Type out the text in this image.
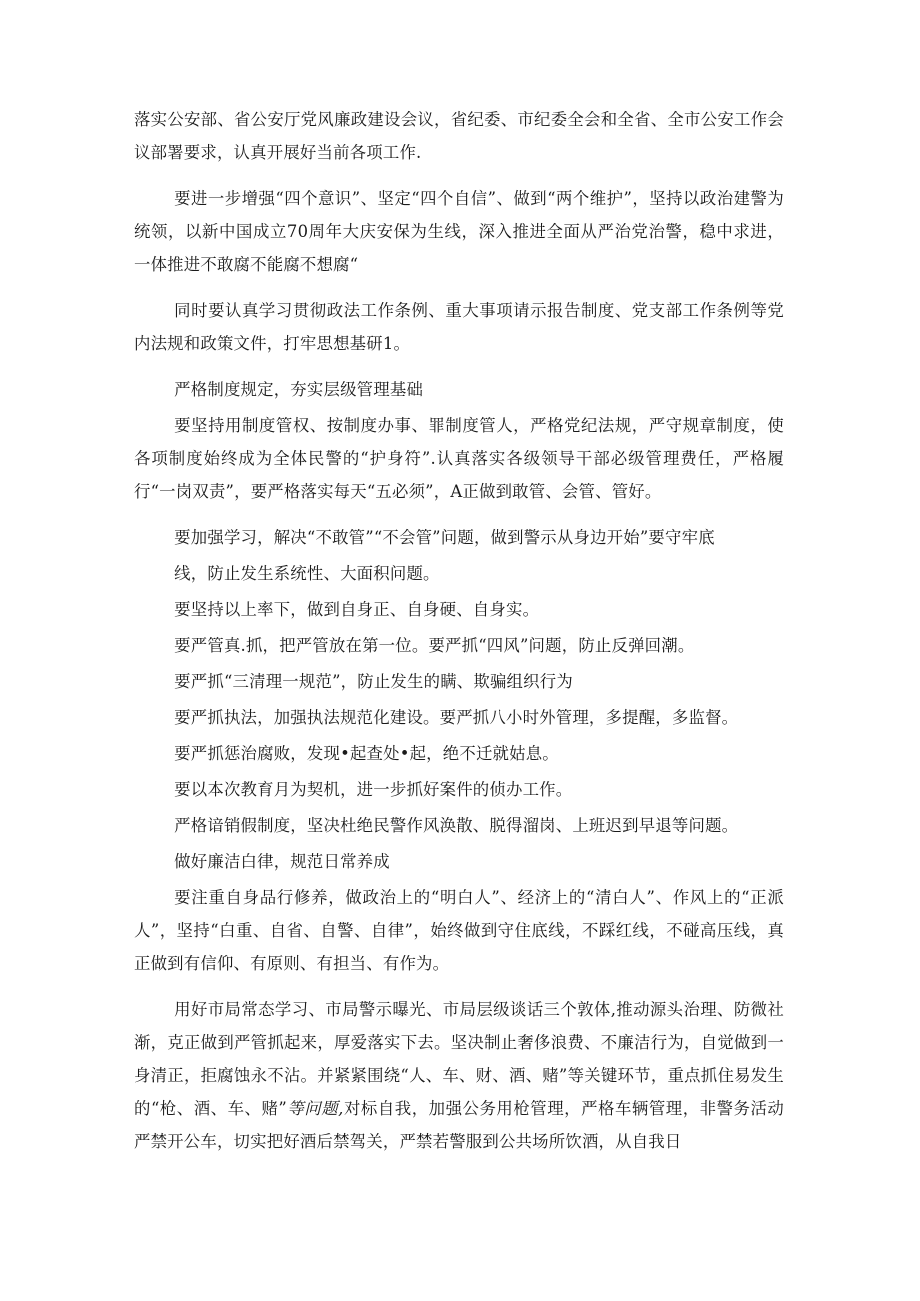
落实公安部、省公安厅党风廉政建设会议，省纪委、市纪委全会和全省、全市公安工作会议部署要求，认真开展好当前各项工作.

要进一步增强“四个意识”、坚定“四个自信”、做到“两个维护”，坚持以政治建警为统领，以新中国成立70周年大庆安保为生线，深入推进全面从严治党治警，稳中求进，一体推进不敢腐不能腐不想腐“

同时要认真学习贯彻政法工作条例、重大事项请示报告制度、党支部工作条例等党内法规和政策文件，打牢思想基研1。

严格制度规定，夯实层级管理基础

要坚持用制度管权、按制度办事、罪制度管人，严格党纪法规，严守规章制度，使各项制度始终成为全体民警的“护身符”.认真落实各级领导干部必级管理费任，严格履行“一岗双责”，要严格落实每天“五必须”，A正做到敢管、会管、管好。

要加强学习，解决“不敢管”“不会管”问题，做到警示从身边开始”要守牢底

线，防止发生系统性、大面积问题。

要坚持以上率下，做到自身正、自身硬、自身实。

要严管真.抓，把严管放在第一位。要严抓“四风”问题，防止反弹回潮。

要严抓“三清理一规范”，防止发生的瞒、欺骗组织行为

要严抓执法，加强执法规范化建设。要严抓八小时外管理，多提醒，多监督。

要严抓惩治腐败，发现•起查处•起，绝不迁就姑息。

要以本次教育月为契机，进一步抓好案件的侦办工作。

严格谙销假制度，坚决杜绝民警作风涣散、脱得溜岗、上班迟到早退等问题。

做好廉洁白律，规范日常养成

要注重自身品行修养，做政治上的“明白人”、经济上的“清白人”、作风上的“正派人”，坚持“白重、自省、自警、自律”，始终做到守住底线，不踩红线，不碰高压线，真正做到有信仰、有原则、有担当、有作为。

用好市局常态学习、市局警示曝光、市局层级谈话三个敦体,推动源头治理、防微社渐，克正做到严管抓起来，厚爱落实下去。坚决制止奢侈浪费、不廉洁行为，自觉做到一身清正，拒腐蚀永不沾。并紧紧围绕“人、车、财、酒、赌”等关键环节，重点抓住易发生的“枪、酒、车、赌”等问题,对标自我，加强公务用枪管理，严格车辆管理，非警务活动严禁开公车，切实把好酒后禁驾关，严禁若警服到公共场所饮酒，从自我日
